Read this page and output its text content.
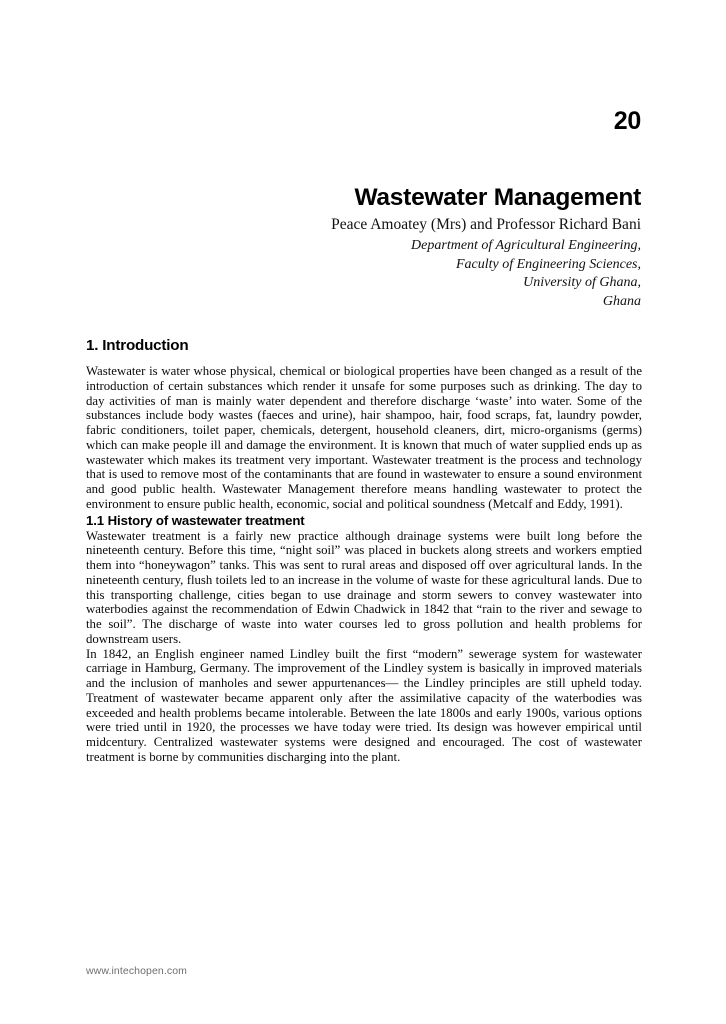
20
Wastewater Management
Peace Amoatey (Mrs) and Professor Richard Bani
Department of Agricultural Engineering,
Faculty of Engineering Sciences,
University of Ghana,
Ghana
1. Introduction

Wastewater is water whose physical, chemical or biological properties have been changed as a result of the introduction of certain substances which render it unsafe for some purposes such as drinking. The day to day activities of man is mainly water dependent and therefore discharge ‘waste’ into water. Some of the substances include body wastes (faeces and urine), hair shampoo, hair, food scraps, fat, laundry powder, fabric conditioners, toilet paper, chemicals, detergent, household cleaners, dirt, micro-organisms (germs) which can make people ill and damage the environment. It is known that much of water supplied ends up as wastewater which makes its treatment very important. Wastewater treatment is the process and technology that is used to remove most of the contaminants that are found in wastewater to ensure a sound environment and good public health. Wastewater Management therefore means handling wastewater to protect the environment to ensure public health, economic, social and political soundness (Metcalf and Eddy, 1991).

1.1 History of wastewater treatment

Wastewater treatment is a fairly new practice although drainage systems were built long before the nineteenth century. Before this time, “night soil” was placed in buckets along streets and workers emptied them into “honeywagon” tanks. This was sent to rural areas and disposed off over agricultural lands. In the nineteenth century, flush toilets led to an increase in the volume of waste for these agricultural lands. Due to this transporting challenge, cities began to use drainage and storm sewers to convey wastewater into waterbodies against the recommendation of Edwin Chadwick in 1842 that “rain to the river and sewage to the soil”. The discharge of waste into water courses led to gross pollution and health problems for downstream users.

In 1842, an English engineer named Lindley built the first “modern” sewerage system for wastewater carriage in Hamburg, Germany. The improvement of the Lindley system is basically in improved materials and the inclusion of manholes and sewer appurtenances— the Lindley principles are still upheld today. Treatment of wastewater became apparent only after the assimilative capacity of the waterbodies was exceeded and health problems became intolerable. Between the late 1800s and early 1900s, various options were tried until in 1920, the processes we have today were tried. Its design was however empirical until midcentury. Centralized wastewater systems were designed and encouraged. The cost of wastewater treatment is borne by communities discharging into the plant.

www.intechopen.com
